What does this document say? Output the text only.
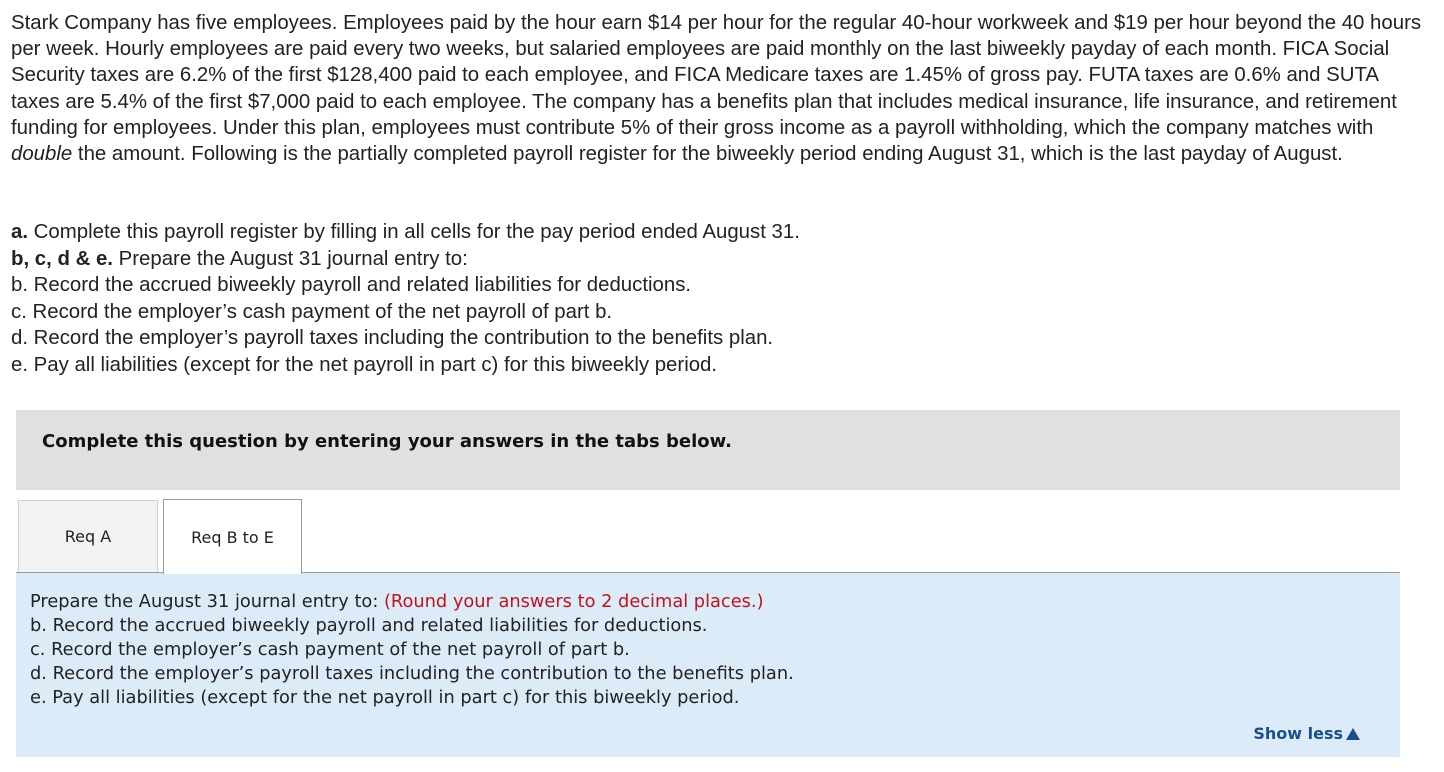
Stark Company has five employees. Employees paid by the hour earn $14 per hour for the regular 40-hour workweek and $19 per hour beyond the 40 hours per week. Hourly employees are paid every two weeks, but salaried employees are paid monthly on the last biweekly payday of each month. FICA Social Security taxes are 6.2% of the first $128,400 paid to each employee, and FICA Medicare taxes are 1.45% of gross pay. FUTA taxes are 0.6% and SUTA taxes are 5.4% of the first $7,000 paid to each employee. The company has a benefits plan that includes medical insurance, life insurance, and retirement funding for employees. Under this plan, employees must contribute 5% of their gross income as a payroll withholding, which the company matches with double the amount. Following is the partially completed payroll register for the biweekly period ending August 31, which is the last payday of August.

a. Complete this payroll register by filling in all cells for the pay period ended August 31.
b, c, d & e. Prepare the August 31 journal entry to:
b. Record the accrued biweekly payroll and related liabilities for deductions.
c. Record the employer’s cash payment of the net payroll of part b.
d. Record the employer’s payroll taxes including the contribution to the benefits plan.
e. Pay all liabilities (except for the net payroll in part c) for this biweekly period.
Complete this question by entering your answers in the tabs below.
Req A	Req B to E
Prepare the August 31 journal entry to: (Round your answers to 2 decimal places.)
b. Record the accrued biweekly payroll and related liabilities for deductions.
c. Record the employer’s cash payment of the net payroll of part b.
d. Record the employer’s payroll taxes including the contribution to the benefits plan.
e. Pay all liabilities (except for the net payroll in part c) for this biweekly period.
Show less
